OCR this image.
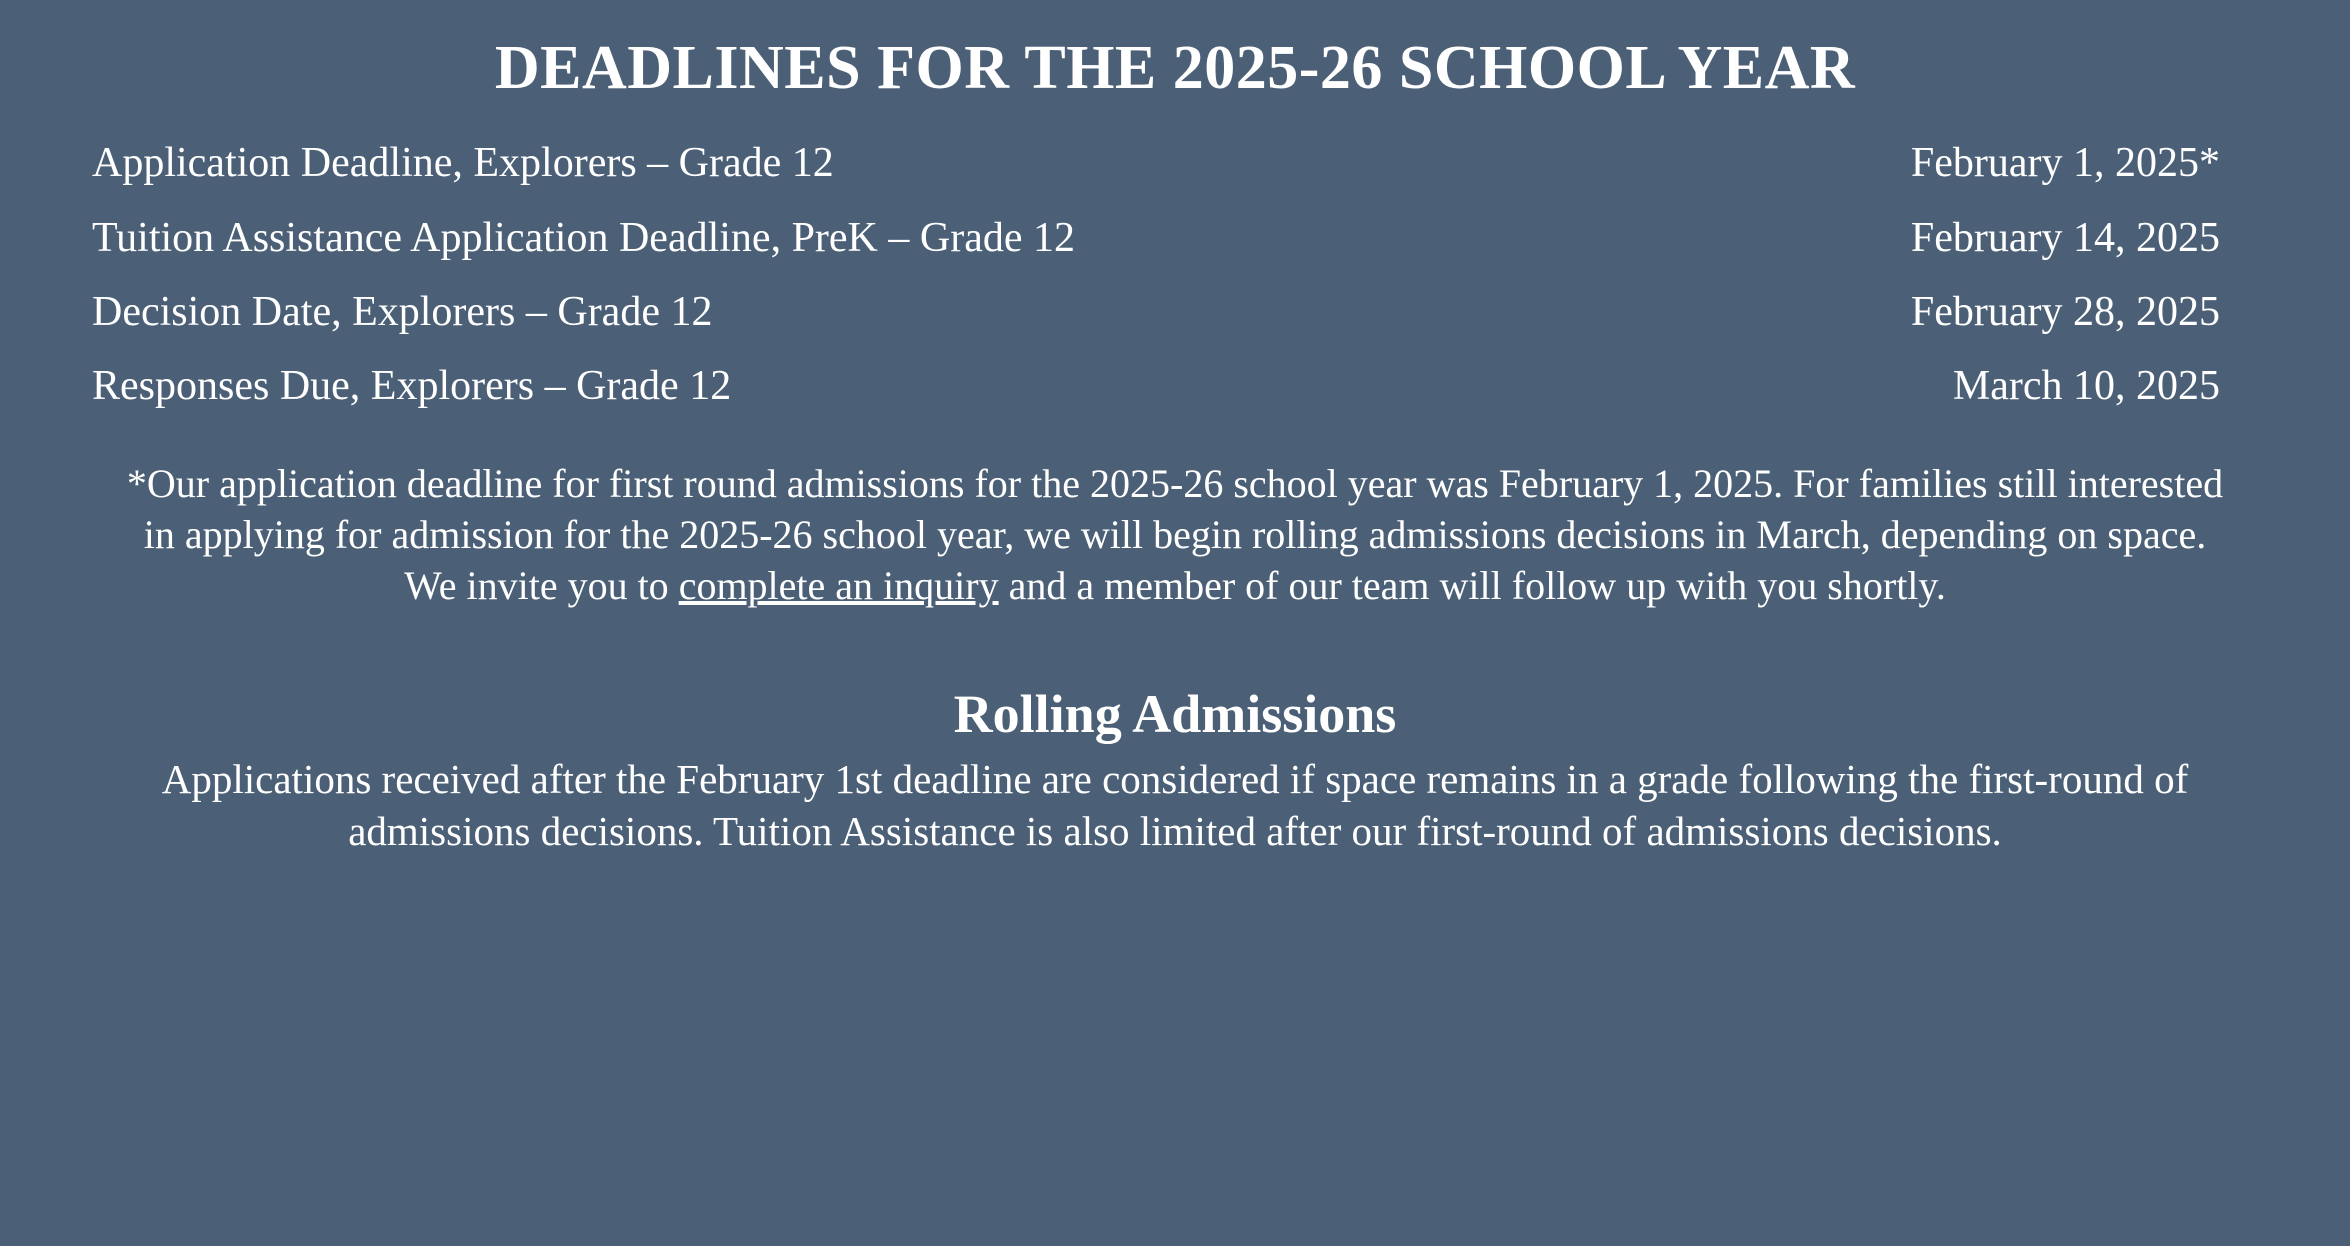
DEADLINES FOR THE 2025-26 SCHOOL YEAR
Application Deadline, Explorers – Grade 12	February 1, 2025*
Tuition Assistance Application Deadline, PreK – Grade 12	February 14, 2025
Decision Date, Explorers – Grade 12	February 28, 2025
Responses Due, Explorers – Grade 12	March 10, 2025

*Our application deadline for first round admissions for the 2025-26 school year was February 1, 2025. For families still interested in applying for admission for the 2025-26 school year, we will begin rolling admissions decisions in March, depending on space. We invite you to complete an inquiry and a member of our team will follow up with you shortly.

Rolling Admissions

Applications received after the February 1st deadline are considered if space remains in a grade following the first-round of admissions decisions. Tuition Assistance is also limited after our first-round of admissions decisions.
